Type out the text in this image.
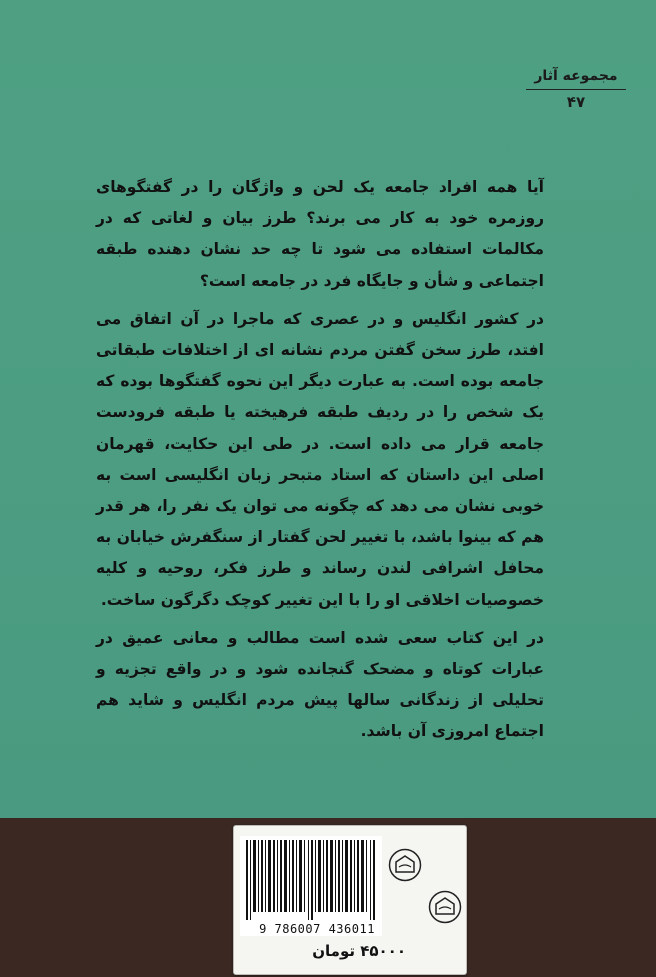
مجموعه آثار
۴۷

آیا همه افراد جامعه یک لحن و واژگان را در گفتگوهای روزمره خود به کار می برند؟ طرز بیان و لغاتی که در مکالمات استفاده می شود تا چه حد نشان دهنده طبقه اجتماعی و شأن و جایگاه فرد در جامعه است؟

در کشور انگلیس و در عصری که ماجرا در آن اتفاق می افتد، طرز سخن گفتن مردم نشانه ای از اختلافات طبقاتی جامعه بوده است. به عبارت دیگر این نحوه گفتگوها بوده که یک شخص را در ردیف طبقه فرهیخته یا طبقه فرودست جامعه قرار می داده است. در طی این حکایت، قهرمان اصلی این داستان که استاد متبحر زبان انگلیسی است به خوبی نشان می دهد که چگونه می توان یک نفر را، هر قدر هم که بینوا باشد، با تغییر لحن گفتار از سنگفرش خیابان به محافل اشرافی لندن رساند و طرز فکر، روحیه و کلیه خصوصیات اخلاقی او را با این تغییر کوچک دگرگون ساخت.

در این کتاب سعی شده است مطالب و معانی عمیق در عبارات کوتاه و مضحک گنجانده شود و در واقع تجزیه و تحلیلی از زندگانی سالها پیش مردم انگلیس و شاید هم اجتماع امروزی آن باشد.

9 786007 436011
۴۵۰۰۰ تومان
